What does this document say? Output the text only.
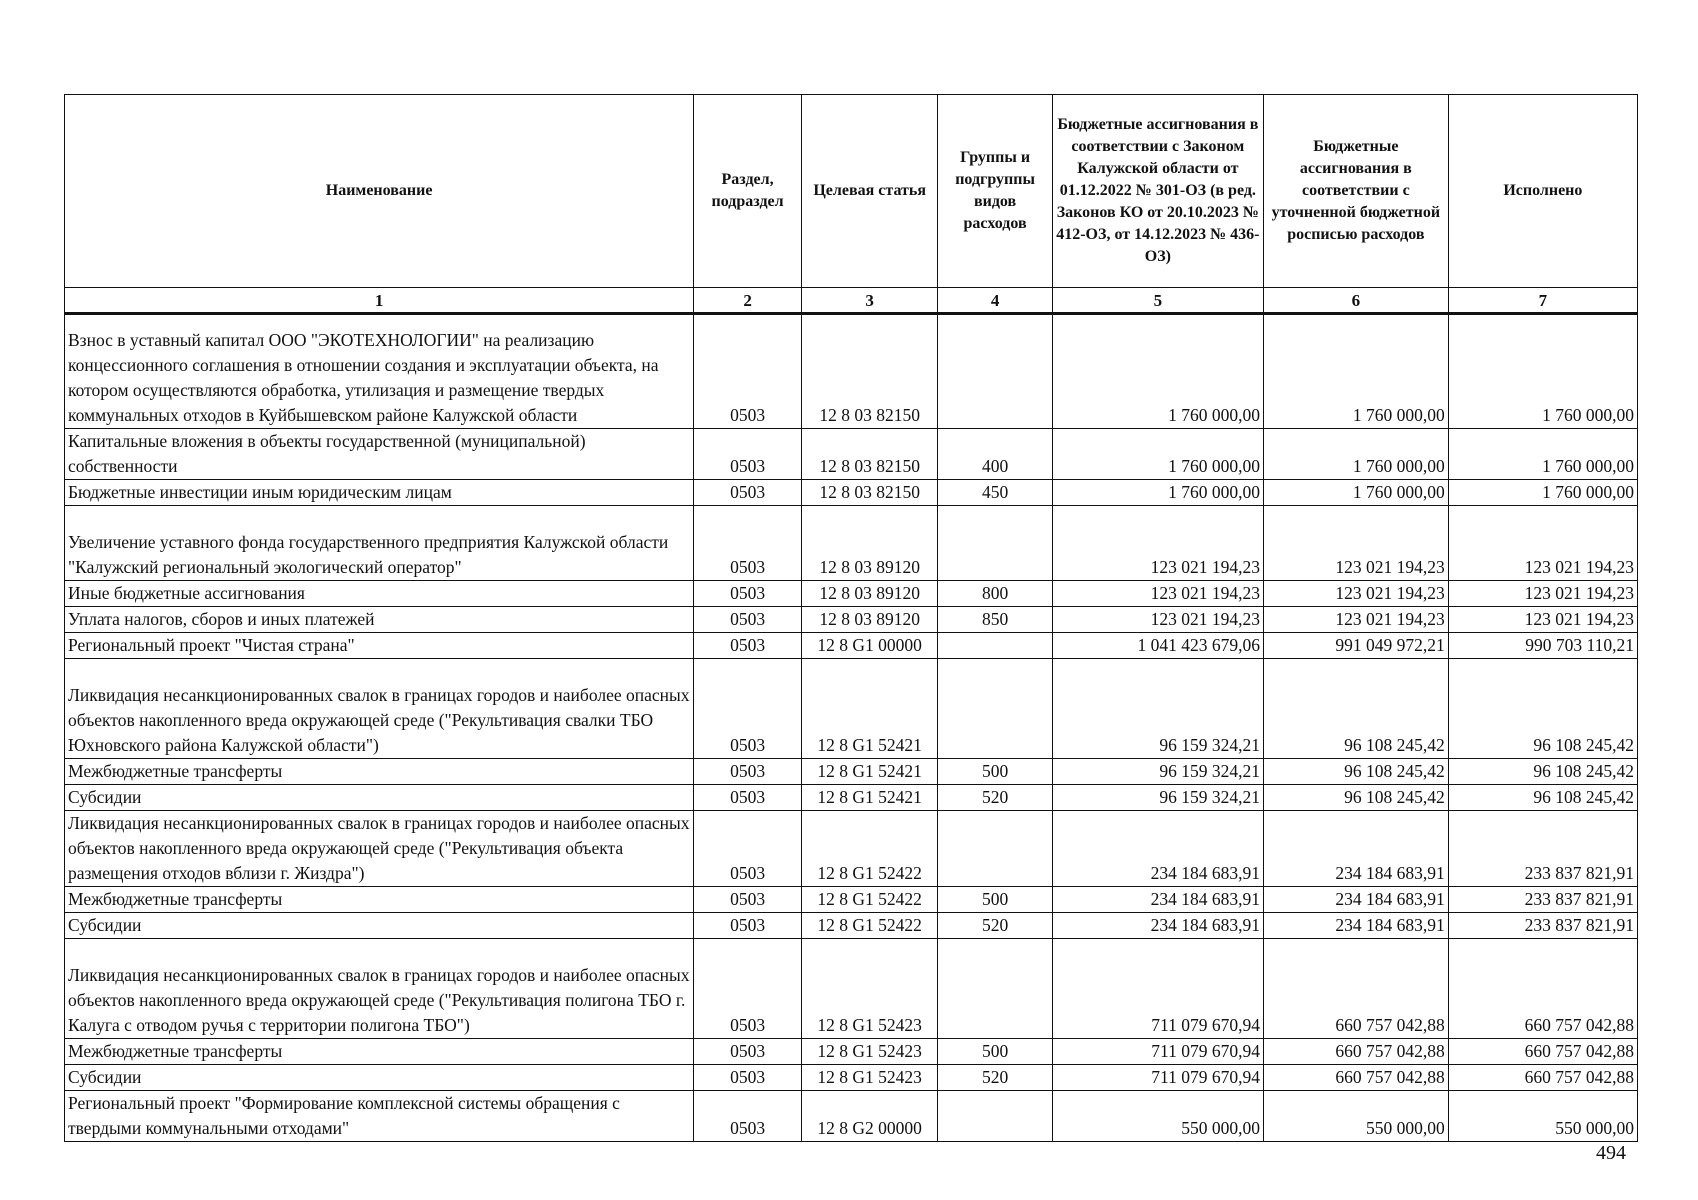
Наименование	Раздел, подраздел	Целевая статья	Группы и подгруппы видов расходов	Бюджетные ассигнования в соответствии с Законом Калужской области от 01.12.2022 № 301-ОЗ (в ред. Законов КО от 20.10.2023 № 412-ОЗ, от 14.12.2023 № 436-ОЗ)	Бюджетные ассигнования в соответствии с уточненной бюджетной росписью расходов	Исполнено
1	2	3	4	5	6	7
Взнос в уставный капитал ООО "ЭКОТЕХНОЛОГИИ" на реализацию концессионного соглашения в отношении создания и эксплуатации объекта, на котором осуществляются обработка, утилизация и размещение твердых коммунальных отходов в Куйбышевском районе Калужской области	0503	12 8 03 82150		1 760 000,00	1 760 000,00	1 760 000,00
Капитальные вложения в объекты государственной (муниципальной) собственности	0503	12 8 03 82150	400	1 760 000,00	1 760 000,00	1 760 000,00
Бюджетные инвестиции иным юридическим лицам	0503	12 8 03 82150	450	1 760 000,00	1 760 000,00	1 760 000,00
Увеличение уставного фонда государственного предприятия Калужской области "Калужский региональный экологический оператор"	0503	12 8 03 89120		123 021 194,23	123 021 194,23	123 021 194,23
Иные бюджетные ассигнования	0503	12 8 03 89120	800	123 021 194,23	123 021 194,23	123 021 194,23
Уплата налогов, сборов и иных платежей	0503	12 8 03 89120	850	123 021 194,23	123 021 194,23	123 021 194,23
Региональный проект "Чистая страна"	0503	12 8 G1 00000		1 041 423 679,06	991 049 972,21	990 703 110,21
Ликвидация несанкционированных свалок в границах городов и наиболее опасных объектов накопленного вреда окружающей среде ("Рекультивация свалки ТБО Юхновского района Калужской области")	0503	12 8 G1 52421		96 159 324,21	96 108 245,42	96 108 245,42
Межбюджетные трансферты	0503	12 8 G1 52421	500	96 159 324,21	96 108 245,42	96 108 245,42
Субсидии	0503	12 8 G1 52421	520	96 159 324,21	96 108 245,42	96 108 245,42
Ликвидация несанкционированных свалок в границах городов и наиболее опасных объектов накопленного вреда окружающей среде ("Рекультивация объекта размещения отходов вблизи г. Жиздра")	0503	12 8 G1 52422		234 184 683,91	234 184 683,91	233 837 821,91
Межбюджетные трансферты	0503	12 8 G1 52422	500	234 184 683,91	234 184 683,91	233 837 821,91
Субсидии	0503	12 8 G1 52422	520	234 184 683,91	234 184 683,91	233 837 821,91
Ликвидация несанкционированных свалок в границах городов и наиболее опасных объектов накопленного вреда окружающей среде ("Рекультивация полигона ТБО г. Калуга с отводом ручья с территории полигона ТБО")	0503	12 8 G1 52423		711 079 670,94	660 757 042,88	660 757 042,88
Межбюджетные трансферты	0503	12 8 G1 52423	500	711 079 670,94	660 757 042,88	660 757 042,88
Субсидии	0503	12 8 G1 52423	520	711 079 670,94	660 757 042,88	660 757 042,88
Региональный проект "Формирование комплексной системы обращения с твердыми коммунальными отходами"	0503	12 8 G2 00000		550 000,00	550 000,00	550 000,00
494
